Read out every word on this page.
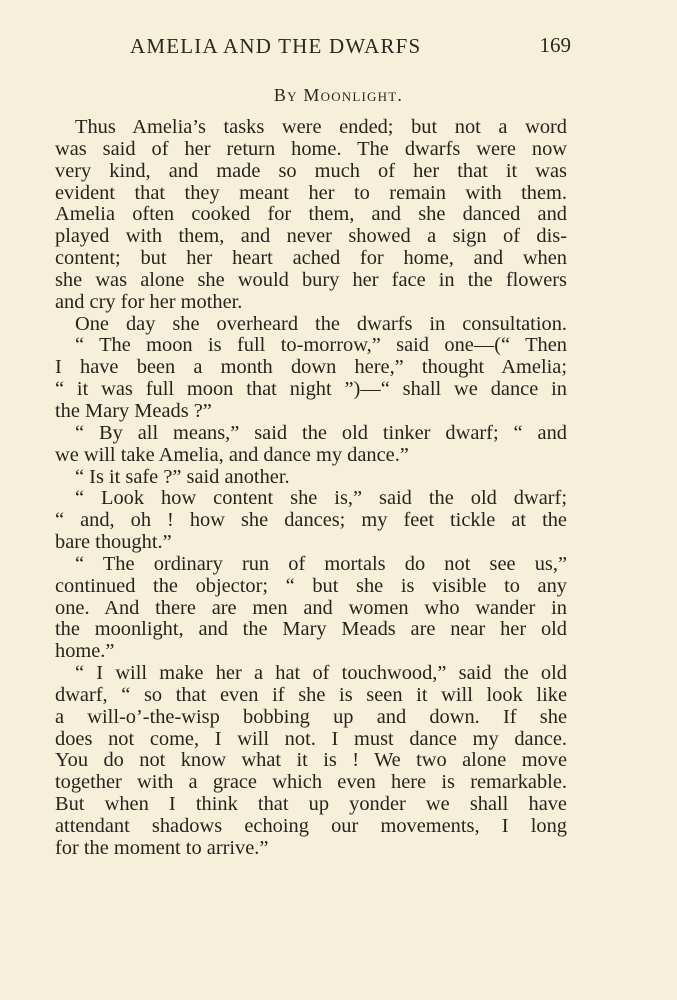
AMELIA AND THE DWARFS	169
By Moonlight.
Thus Amelia’s tasks were ended; but not a word
was said of her return home. The dwarfs were now
very kind, and made so much of her that it was
evident that they meant her to remain with them.
Amelia often cooked for them, and she danced and
played with them, and never showed a sign of dis-
content; but her heart ached for home, and when
she was alone she would bury her face in the flowers
and cry for her mother.
One day she overheard the dwarfs in consultation.
“ The moon is full to-morrow,” said one—(“ Then
I have been a month down here,” thought Amelia;
“ it was full moon that night ”)—“ shall we dance in
the Mary Meads ?”
“ By all means,” said the old tinker dwarf; “ and
we will take Amelia, and dance my dance.”
“ Is it safe ?” said another.
“ Look how content she is,” said the old dwarf;
“ and, oh ! how she dances; my feet tickle at the
bare thought.”
“ The ordinary run of mortals do not see us,”
continued the objector; “ but she is visible to any
one. And there are men and women who wander in
the moonlight, and the Mary Meads are near her old
home.”
“ I will make her a hat of touchwood,” said the old
dwarf, “ so that even if she is seen it will look like
a will-o’-the-wisp bobbing up and down. If she
does not come, I will not. I must dance my dance.
You do not know what it is ! We two alone move
together with a grace which even here is remarkable.
But when I think that up yonder we shall have
attendant shadows echoing our movements, I long
for the moment to arrive.”
